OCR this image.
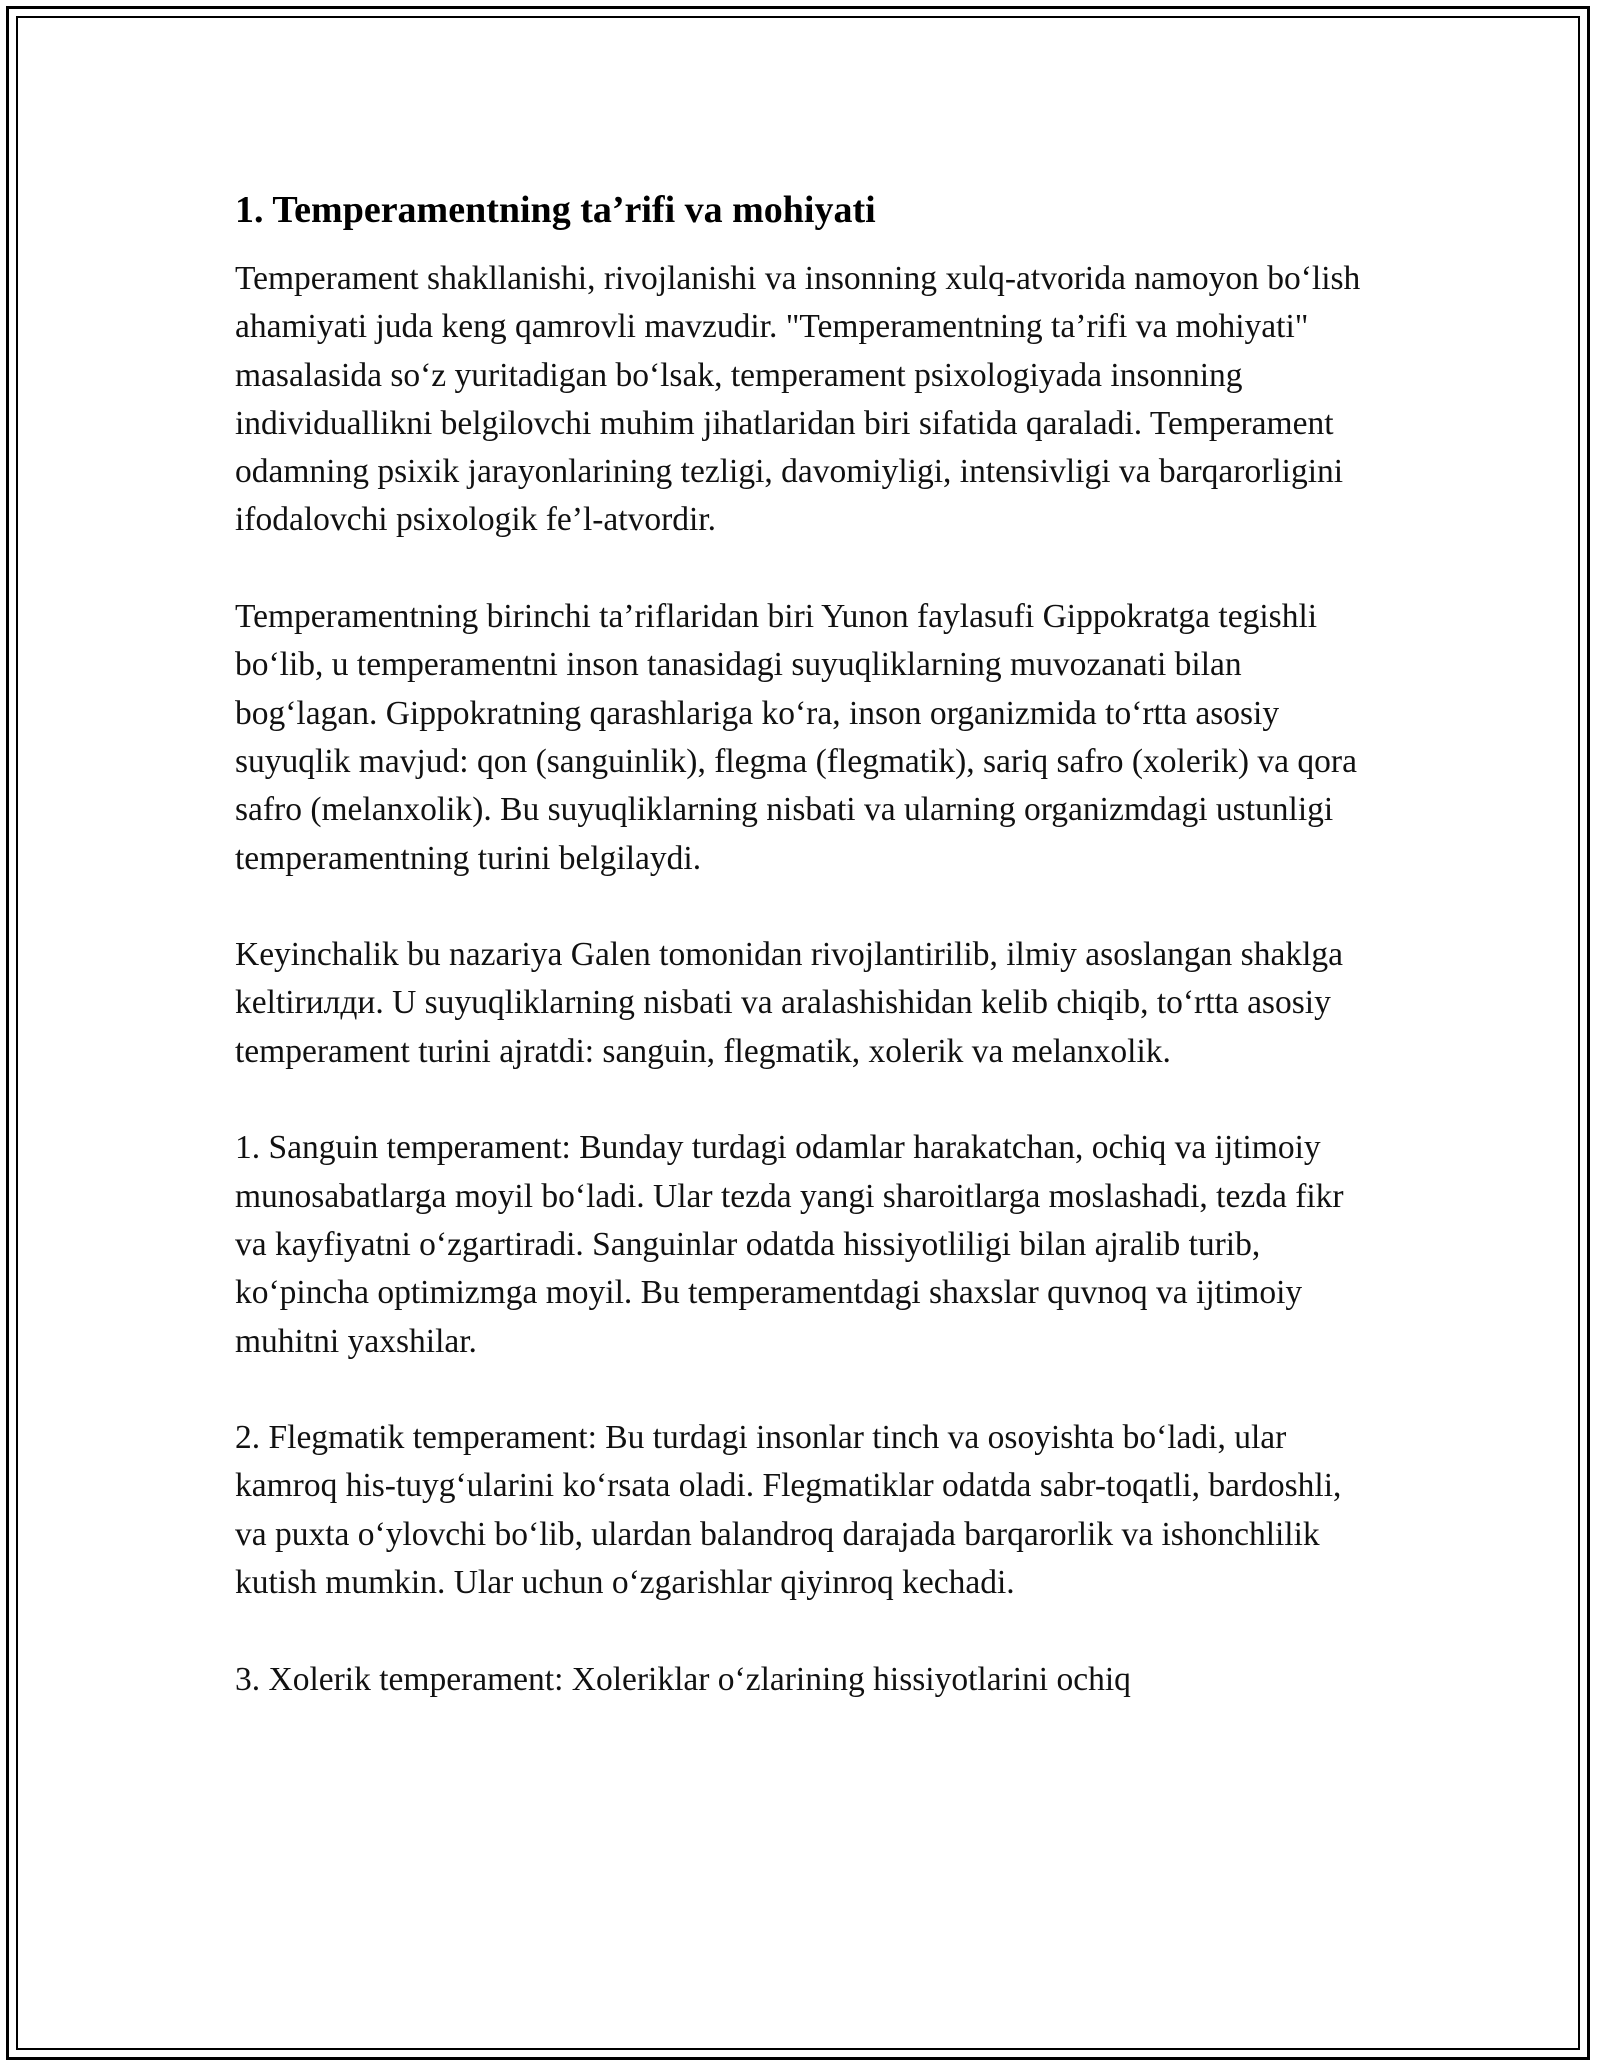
1. Temperamentning ta’rifi va mohiyati

Temperament shakllanishi, rivojlanishi va insonning xulq-atvorida namoyon bo‘lish ahamiyati juda keng qamrovli mavzudir. "Temperamentning ta’rifi va mohiyati" masalasida so‘z yuritadigan bo‘lsak, temperament psixologiyada insonning individuallikni belgilovchi muhim jihatlaridan biri sifatida qaraladi. Temperament odamning psixik jarayonlarining tezligi, davomiyligi, intensivligi va barqarorligini ifodalovchi psixologik fe’l-atvordir.

Temperamentning birinchi ta’riflaridan biri Yunon faylasufi Gippokratga tegishli bo‘lib, u temperamentni inson tanasidagi suyuqliklarning muvozanati bilan bog‘lagan. Gippokratning qarashlariga ko‘ra, inson organizmida to‘rtta asosiy suyuqlik mavjud: qon (sanguinlik), flegma (flegmatik), sariq safro (xolerik) va qora safro (melanxolik). Bu suyuqliklarning nisbati va ularning organizmdagi ustunligi temperamentning turini belgilaydi.

Keyinchalik bu nazariya Galen tomonidan rivojlantirilib, ilmiy asoslangan shaklga keltirилди. U suyuqliklarning nisbati va aralashishidan kelib chiqib, to‘rtta asosiy temperament turini ajratdi: sanguin, flegmatik, xolerik va melanxolik.

1. Sanguin temperament: Bunday turdagi odamlar harakatchan, ochiq va ijtimoiy munosabatlarga moyil bo‘ladi. Ular tezda yangi sharoitlarga moslashadi, tezda fikr va kayfiyatni o‘zgartiradi. Sanguinlar odatda hissiyotliligi bilan ajralib turib, ko‘pincha optimizmga moyil. Bu temperamentdagi shaxslar quvnoq va ijtimoiy muhitni yaxshilar.

2. Flegmatik temperament: Bu turdagi insonlar tinch va osoyishta bo‘ladi, ular kamroq his-tuyg‘ularini ko‘rsata oladi. Flegmatiklar odatda sabr-toqatli, bardoshli, va puxta o‘ylovchi bo‘lib, ulardan balandroq darajada barqarorlik va ishonchlilik kutish mumkin. Ular uchun o‘zgarishlar qiyinroq kechadi.

3. Xolerik temperament: Xoleriklar o‘zlarining hissiyotlarini ochiq
